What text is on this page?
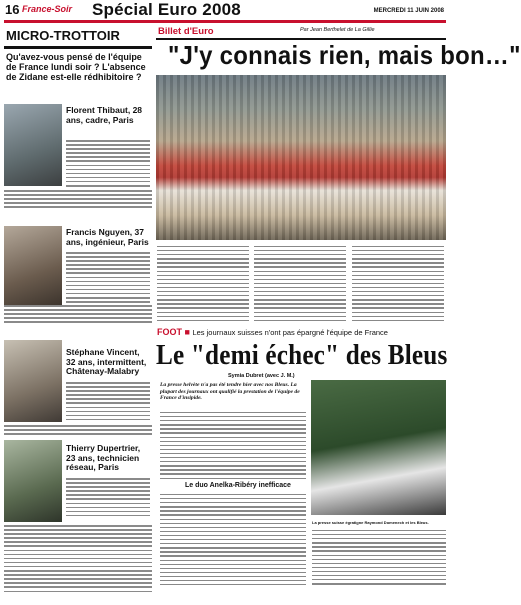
16 France-Soir Spécial Euro 2008	MERCREDI 11 JUIN 2008
MICRO-TROTTOIR
Qu'avez-vous pensé de l'équipe de France lundi soir ? L'absence de Zidane est-elle rédhibitoire ?
Florent Thibaut, 28 ans, cadre, Paris
Francis Nguyen, 37 ans, ingénieur, Paris
Stéphane Vincent, 32 ans, intermittent, Châtenay-Malabry
Thierry Dupertrier, 23 ans, technicien réseau, Paris
Billet d'Euro	Par Jean Berthelet de La Gillie
"J'y connais rien, mais bon…"
FOOT ■ Les journaux suisses n'ont pas épargné l'équipe de France
Le "demi échec" des Bleus
Symia Dubret (avec J. M.)
La presse helvète n'a pas été tendre hier avec nos Bleus. La plupart des journaux ont qualifié la prestation de l'équipe de France d'insipide.
Le duo Anelka-Ribéry inefficace
La presse suisse égratigne Raymond Domenech et les Bleus.
